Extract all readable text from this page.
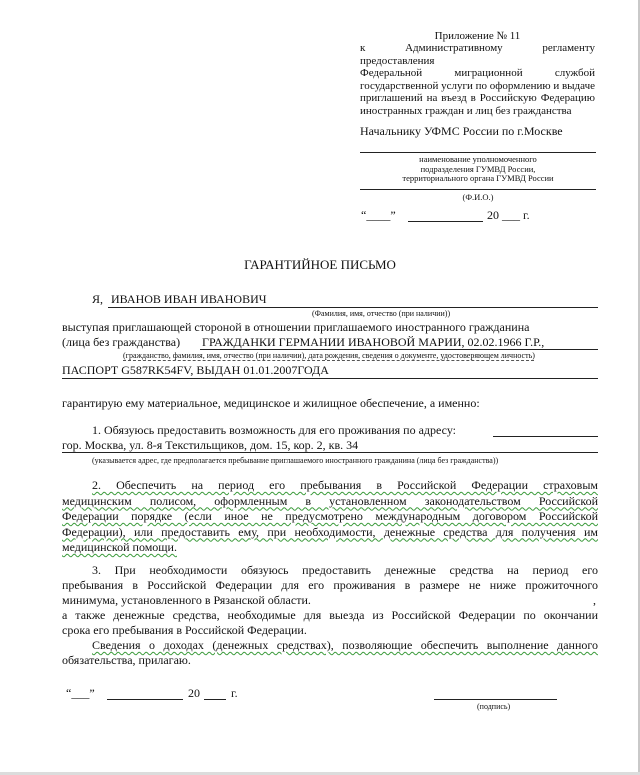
Приложение № 11
к Административному регламенту предоставления
Федеральной миграционной службой
государственной услуги по оформлению и выдаче
приглашений на въезд в Российскую Федерацию
иностранных граждан и лиц без гражданства
Начальнику УФМС России по г.Москве
наименование уполномоченного
подразделения ГУМВД России,
территориального органа ГУМВД России
(Ф.И.О.)
“____”	20 ___ г.
ГАРАНТИЙНОЕ ПИСЬМО
Я, ИВАНОВ ИВАН ИВАНОВИЧ
(Фамилия, имя, отчество (при наличии))
выступая приглашающей стороной в отношении приглашаемого иностранного гражданина
(лица без гражданства) ГРАЖДАНКИ ГЕРМАНИИ ИВАНОВОЙ МАРИИ, 02.02.1966 Г.Р.,
(гражданство, фамилия, имя, отчество (при наличии), дата рождения, сведения о документе, удостоверяющем личность)
ПАСПОРТ G587RK54FV, ВЫДАН 01.01.2007ГОДА
гарантирую ему материальное, медицинское и жилищное обеспечение, а именно:
1. Обязуюсь предоставить возможность для его проживания по адресу:
гор. Москва, ул. 8-я Текстильщиков, дом. 15, кор. 2, кв. 34
(указывается адрес, где предполагается пребывание приглашаемого иностранного гражданина (лица без гражданства))
2. Обеспечить на период его пребывания в Российской Федерации страховым
медицинским полисом, оформленным в установленном законодательством Российской
Федерации порядке (если иное не предусмотрено международным договором Российской
Федерации), или предоставить ему, при необходимости, денежные средства для получения им
медицинской помощи.
3. При необходимости обязуюсь предоставить денежные средства на период его
пребывания в Российской Федерации для его проживания в размере не ниже прожиточного
минимума, установленного в Рязанской области.	,
а также денежные средства, необходимые для выезда из Российской Федерации по окончании
срока его пребывания в Российской Федерации.
Сведения о доходах (денежных средствах), позволяющие обеспечить выполнение данного
обязательства, прилагаю.
“___”	20	г.
(подпись)
